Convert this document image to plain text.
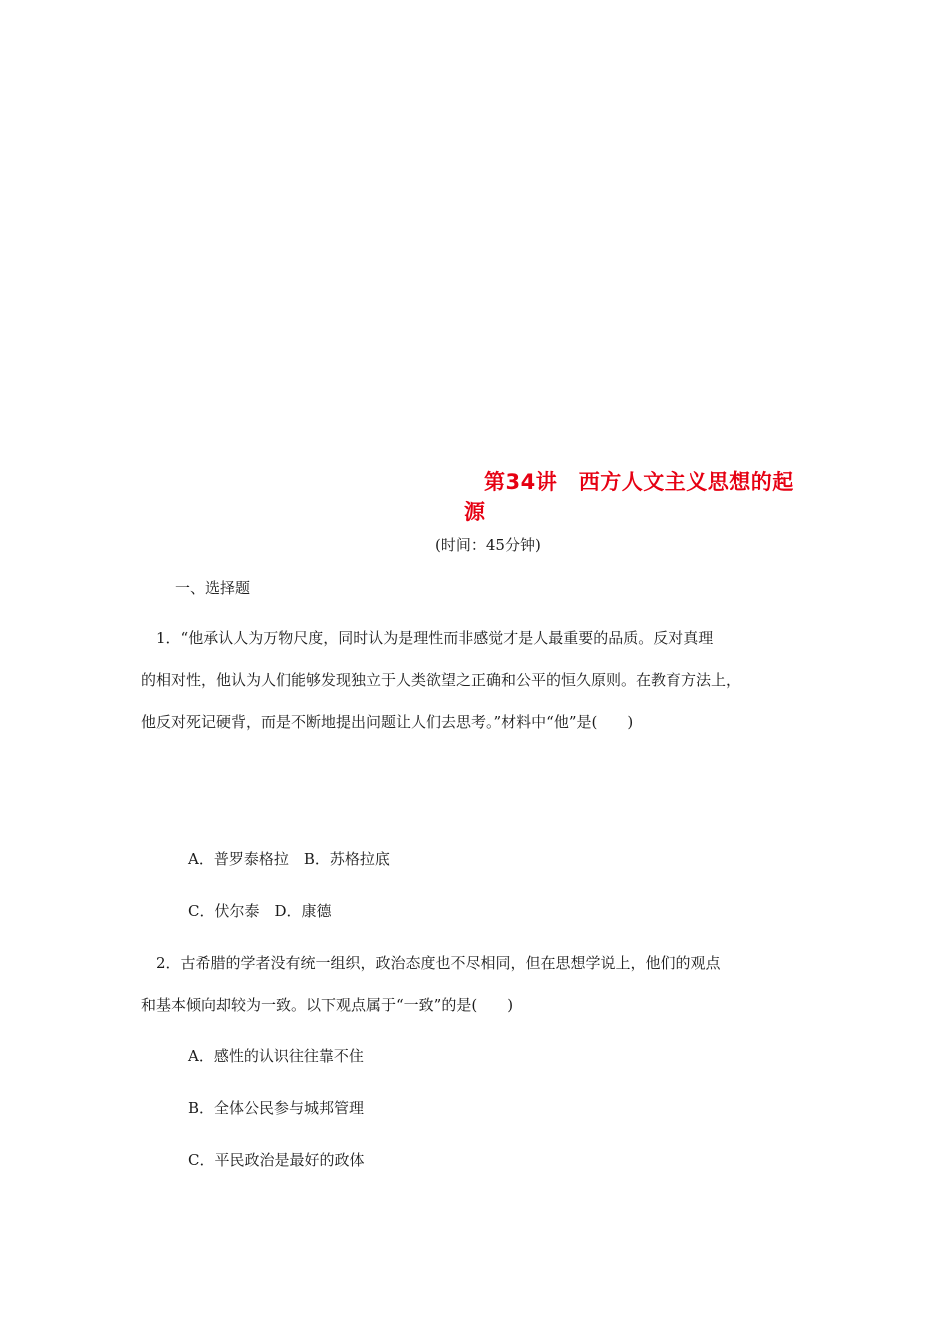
第34讲　西方人文主义思想的起
源
(时间：45分钟)
一、选择题
　1．“他承认人为万物尺度，同时认为是理性而非感觉才是人最重要的品质。反对真理
的相对性，他认为人们能够发现独立于人类欲望之正确和公平的恒久原则。在教育方法上，
他反对死记硬背，而是不断地提出问题让人们去思考。”材料中“他”是(　　)
A．普罗泰格拉　B．苏格拉底
C．伏尔泰　D．康德
　2．古希腊的学者没有统一组织，政治态度也不尽相同，但在思想学说上，他们的观点
和基本倾向却较为一致。以下观点属于“一致”的是(　　)
A．感性的认识往往靠不住
B．全体公民参与城邦管理
C．平民政治是最好的政体
